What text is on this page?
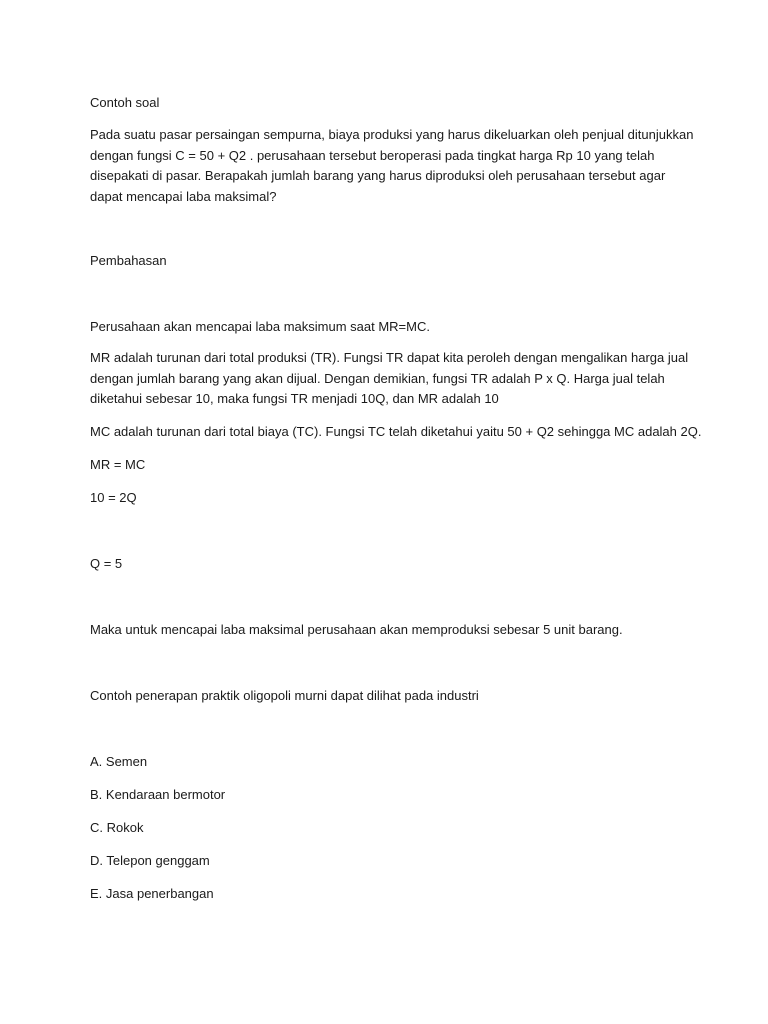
Contoh soal
Pada suatu pasar persaingan sempurna, biaya produksi yang harus dikeluarkan oleh penjual ditunjukkan
dengan fungsi C = 50 + Q2 . perusahaan tersebut beroperasi pada tingkat harga Rp 10 yang telah
disepakati di pasar. Berapakah jumlah barang yang harus diproduksi oleh perusahaan tersebut agar
dapat mencapai laba maksimal?
Pembahasan
Perusahaan akan mencapai laba maksimum saat MR=MC.
MR adalah turunan dari total produksi (TR). Fungsi TR dapat kita peroleh dengan mengalikan harga jual
dengan jumlah barang yang akan dijual. Dengan demikian, fungsi TR adalah P x Q. Harga jual telah
diketahui sebesar 10, maka fungsi TR menjadi 10Q, dan MR adalah 10
MC adalah turunan dari total biaya (TC). Fungsi TC telah diketahui yaitu 50 + Q2 sehingga MC adalah 2Q.
MR = MC
10 = 2Q
Q = 5
Maka untuk mencapai laba maksimal perusahaan akan memproduksi sebesar 5 unit barang.
Contoh penerapan praktik oligopoli murni dapat dilihat pada industri
A. Semen
B. Kendaraan bermotor
C. Rokok
D. Telepon genggam
E. Jasa penerbangan
